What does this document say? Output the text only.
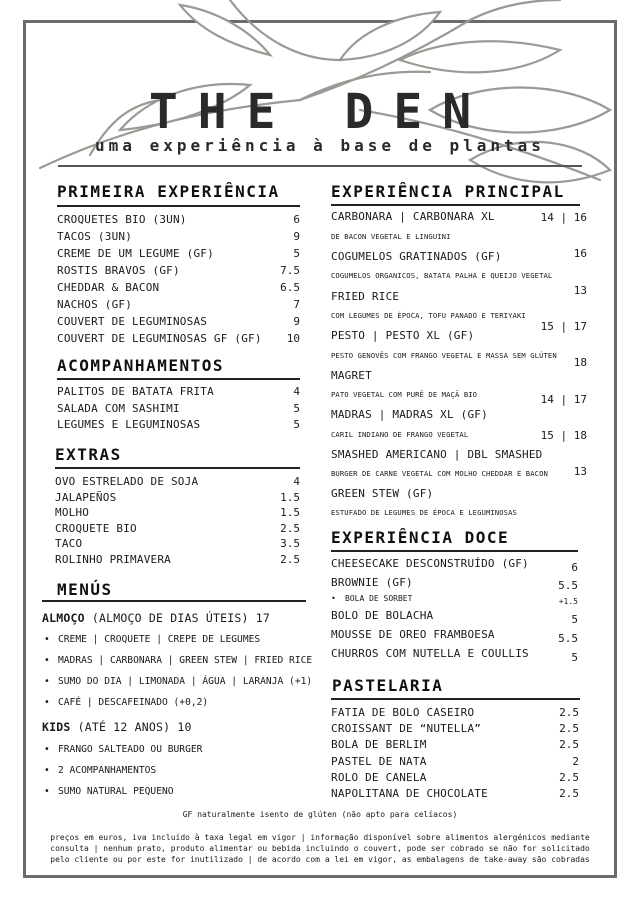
THE DEN
uma experiência à base de plantas
PRIMEIRA EXPERIÊNCIA
ACOMPANHAMENTOS
EXTRAS
MENÚS
ALMOÇO (ALMOÇO DE DIAS ÚTEIS) 17
KIDS (ATÉ 12 ANOS) 10
EXPERIÊNCIA PRINCIPAL
EXPERIÊNCIA DOCE
PASTELARIA
GF naturalmente isento de glúten (não apto para celíacos)
preços em euros, iva incluído à taxa legal em vigor | informação disponível sobre alimentos alergénicos mediante consulta | nenhum prato, produto alimentar ou bebida incluindo o couvert, pode ser cobrado se não for solicitado pelo cliente ou por este for inutilizado | de acordo com a lei em vigor, as embalagens de take-away são cobradas
CROQUETES BIO (3UN)	6
TACOS (3UN)	9
CREME DE UM LEGUME (GF)	5
ROSTIS BRAVOS (GF)	7.5
CHEDDAR & BACON	6.5
NACHOS (GF)	7
COUVERT DE LEGUMINOSAS	9
COUVERT DE LEGUMINOSAS GF (GF) 10
PALITOS DE BATATA FRITA	4
SALADA COM SASHIMI	5
LEGUMES E LEGUMINOSAS	5
OVO ESTRELADO DE SOJA	4
JALAPEÑOS	1.5
MOLHO	1.5
CROQUETE BIO	2.5
TACO	3.5
ROLINHO PRIMAVERA	2.5
• CREME | CROQUETE | CREPE DE LEGUMES
• MADRAS | CARBONARA | GREEN STEW | FRIED RICE
• SUMO DO DIA | LIMONADA | ÁGUA | LARANJA (+1)
• CAFÉ | DESCAFEINADO (+0,2)
• FRANGO SALTEADO OU BURGER
• 2 ACOMPANHAMENTOS
• SUMO NATURAL PEQUENO
CARBONARA | CARBONARA XL
DE BACON VEGETAL E LINGUINI
14 | 16
COGUMELOS GRATINADOS (GF)
COGUMELOS ORGANICOS, BATATA PALHA E QUEIJO VEGETAL
16
FRIED RICE
COM LEGUMES DE ÉPOCA, TOFU PANADO E TERIYAKI
13
PESTO | PESTO XL (GF)
PESTO GENOVÊS COM FRANGO VEGETAL E MASSA SEM GLÚTEN
15 | 17
MAGRET
PATO VEGETAL COM PURÊ DE MAÇÃ BIO
18
MADRAS | MADRAS XL (GF)
CARIL INDIANO DE FRANGO VEGETAL
14 | 17
SMASHED AMERICANO | DBL SMASHED
BURGER DE CARNE VEGETAL COM MOLHO CHEDDAR E BACON
15 | 18
GREEN STEW (GF)
ESTUFADO DE LEGUMES DE ÉPOCA E LEGUMINOSAS
13
CHEESECAKE DESCONSTRUÍDO (GF)	6
BROWNIE (GF)	5.5
• BOLA DE SORBET	+1.5
BOLO DE BOLACHA	5
MOUSSE DE OREO FRAMBOESA	5.5
CHURROS COM NUTELLA E COULLIS	5
FATIA DE BOLO CASEIRO	2.5
CROISSANT DE “NUTELLA”	2.5
BOLA DE BERLIM	2.5
PASTEL DE NATA	2
ROLO DE CANELA	2.5
NAPOLITANA DE CHOCOLATE	2.5
